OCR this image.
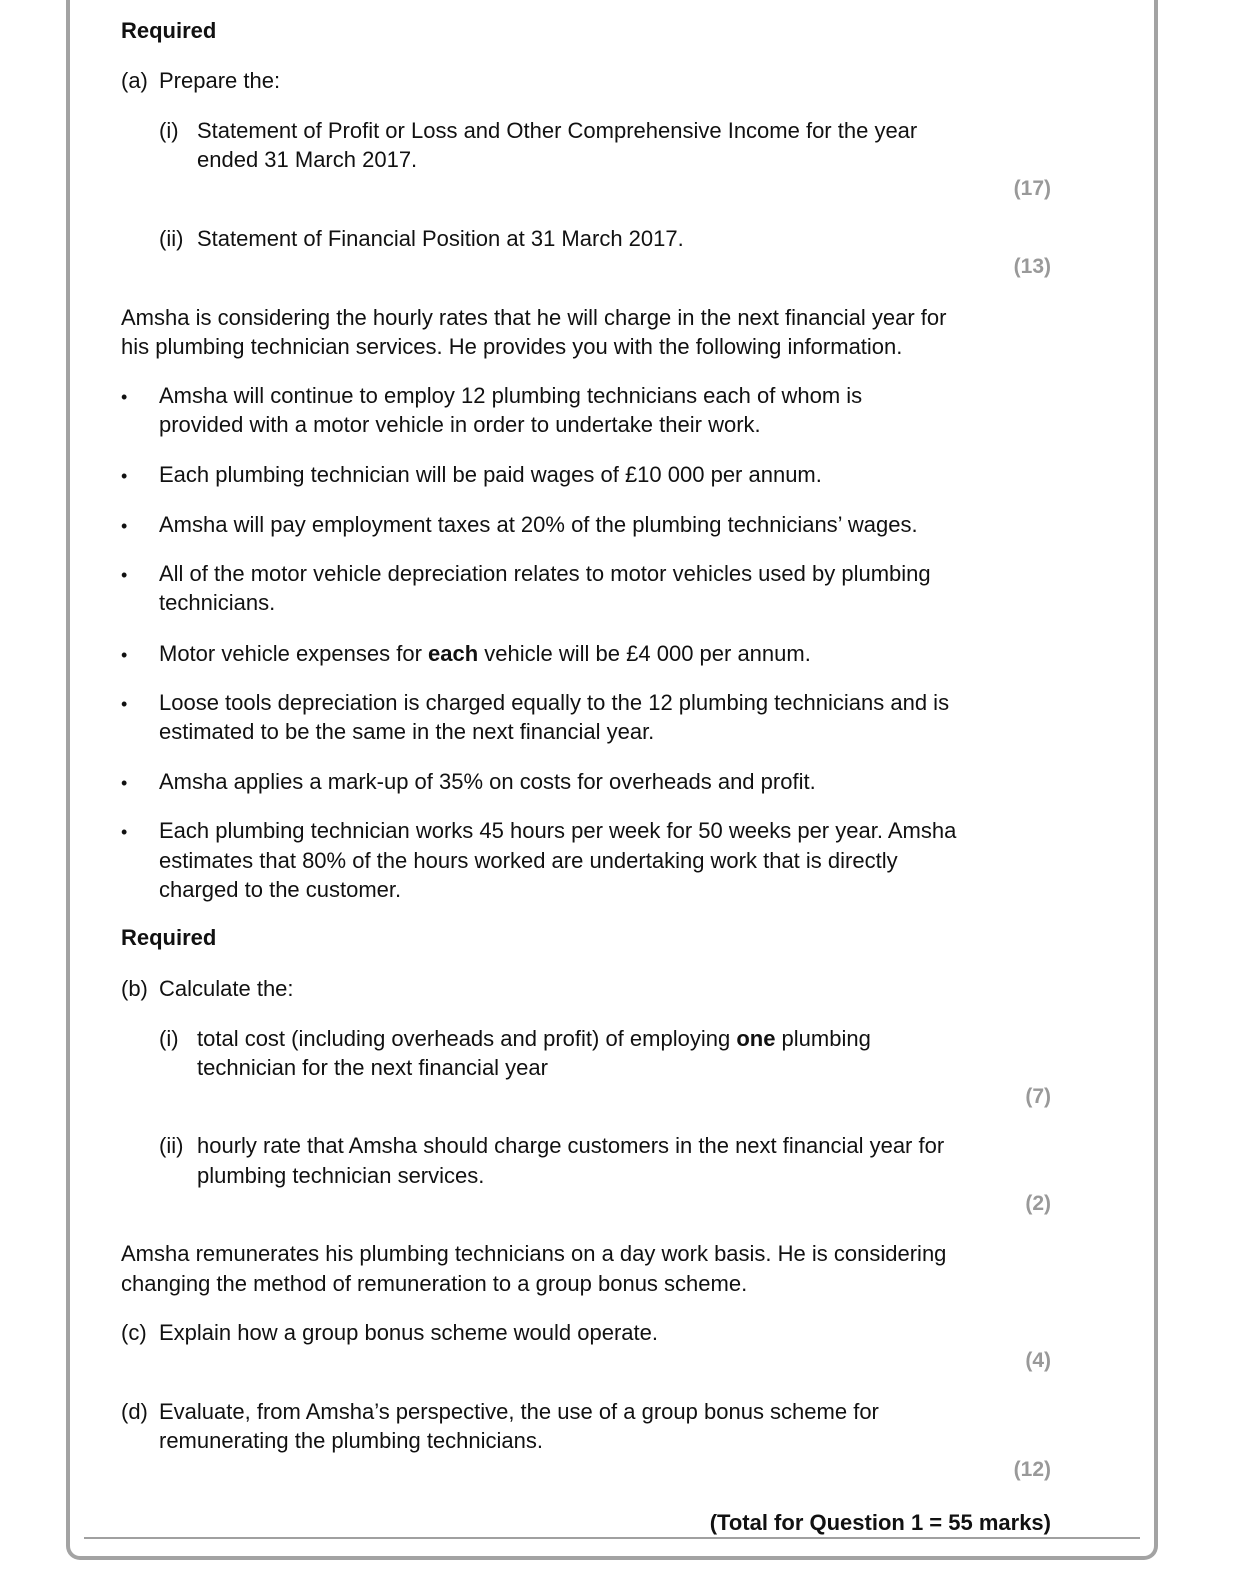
Required
(a) Prepare the:
(i) Statement of Profit or Loss and Other Comprehensive Income for the year
ended 31 March 2017.
(17)
(ii) Statement of Financial Position at 31 March 2017.
(13)
Amsha is considering the hourly rates that he will charge in the next financial year for
his plumbing technician services. He provides you with the following information.
• Amsha will continue to employ 12 plumbing technicians each of whom is
provided with a motor vehicle in order to undertake their work.
• Each plumbing technician will be paid wages of £10 000 per annum.
• Amsha will pay employment taxes at 20% of the plumbing technicians’ wages.
• All of the motor vehicle depreciation relates to motor vehicles used by plumbing
technicians.
• Motor vehicle expenses for each vehicle will be £4 000 per annum.
• Loose tools depreciation is charged equally to the 12 plumbing technicians and is
estimated to be the same in the next financial year.
• Amsha applies a mark-up of 35% on costs for overheads and profit.
• Each plumbing technician works 45 hours per week for 50 weeks per year. Amsha
estimates that 80% of the hours worked are undertaking work that is directly
charged to the customer.
Required
(b) Calculate the:
(i) total cost (including overheads and profit) of employing one plumbing
technician for the next financial year
(7)
(ii) hourly rate that Amsha should charge customers in the next financial year for
plumbing technician services.
(2)
Amsha remunerates his plumbing technicians on a day work basis. He is considering
changing the method of remuneration to a group bonus scheme.
(c) Explain how a group bonus scheme would operate.
(4)
(d) Evaluate, from Amsha’s perspective, the use of a group bonus scheme for
remunerating the plumbing technicians.
(12)
(Total for Question 1 = 55 marks)
